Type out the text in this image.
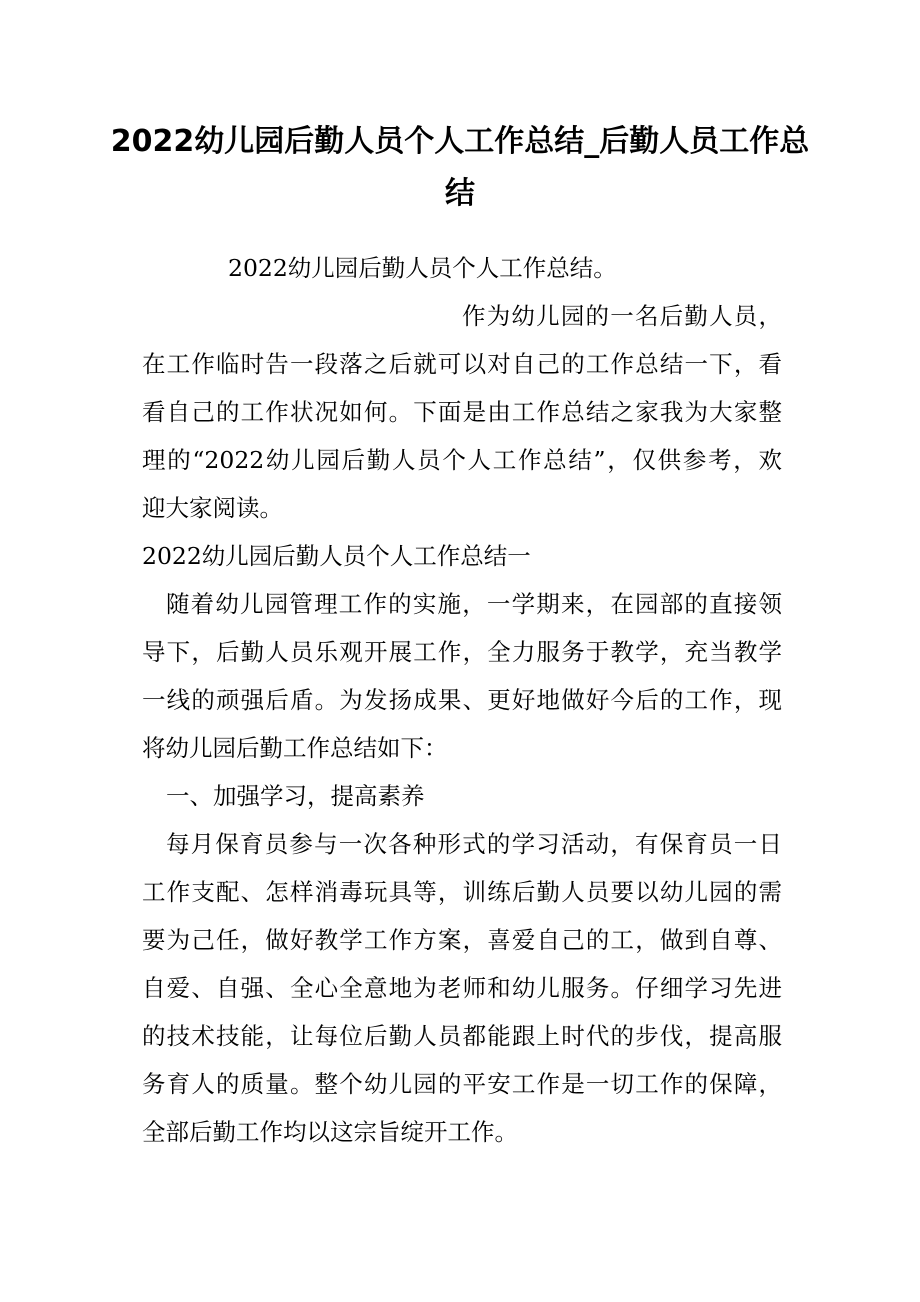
2022幼儿园后勤人员个人工作总结_后勤人员工作总结
2022幼儿园后勤人员个人工作总结。
作为幼儿园的一名后勤人员，
在工作临时告一段落之后就可以对自己的工作总结一下，看
看自己的工作状况如何。下面是由工作总结之家我为大家整
理的“2022幼儿园后勤人员个人工作总结”，仅供参考，欢
迎大家阅读。
2022幼儿园后勤人员个人工作总结一
随着幼儿园管理工作的实施，一学期来，在园部的直接领
导下，后勤人员乐观开展工作，全力服务于教学，充当教学
一线的顽强后盾。为发扬成果、更好地做好今后的工作，现
将幼儿园后勤工作总结如下：
一、加强学习，提高素养
每月保育员参与一次各种形式的学习活动，有保育员一日
工作支配、怎样消毒玩具等，训练后勤人员要以幼儿园的需
要为己任，做好教学工作方案，喜爱自己的工，做到自尊、
自爱、自强、全心全意地为老师和幼儿服务。仔细学习先进
的技术技能，让每位后勤人员都能跟上时代的步伐，提高服
务育人的质量。整个幼儿园的平安工作是一切工作的保障，
全部后勤工作均以这宗旨绽开工作。
